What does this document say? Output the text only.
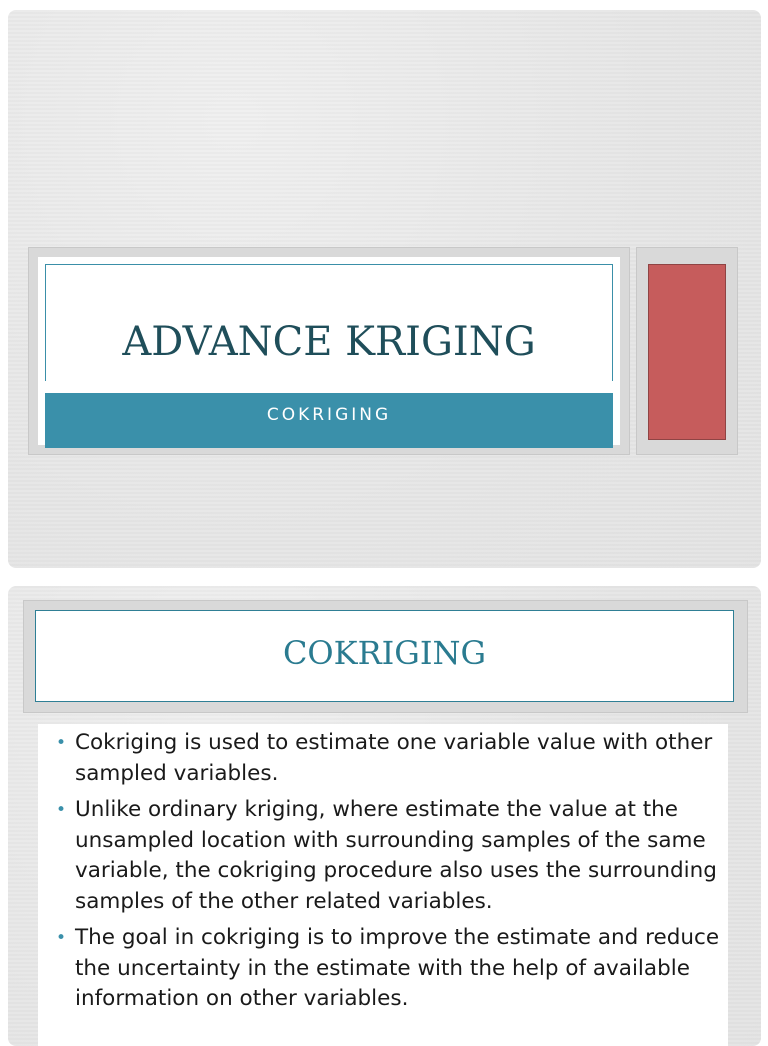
ADVANCE KRIGING
COKRIGING
COKRIGING
• Cokriging is used to estimate one variable value with other sampled variables.
• Unlike ordinary kriging, where estimate the value at the unsampled location with surrounding samples of the same variable, the cokriging procedure also uses the surrounding samples of the other related variables.
• The goal in cokriging is to improve the estimate and reduce the uncertainty in the estimate with the help of available information on other variables.
